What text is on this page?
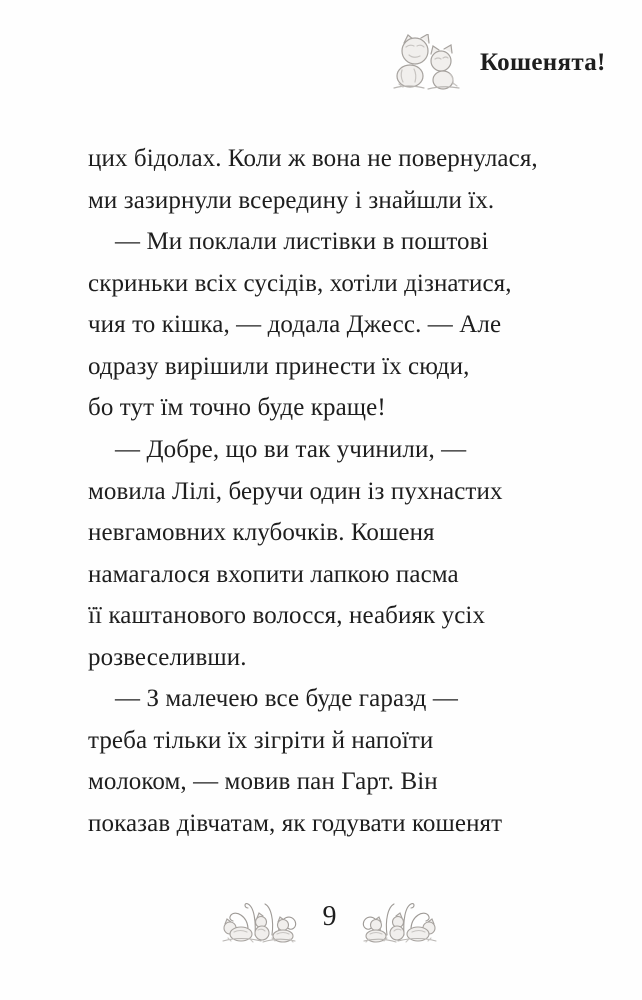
Кошенята!
цих бідолах. Коли ж вона не повернулася,
ми зазирнули всередину і знайшли їх.
— Ми поклали листівки в поштові
скриньки всіх сусідів, хотіли дізнатися,
чия то кішка, — додала Джесс. — Але
одразу вирішили принести їх сюди,
бо тут їм точно буде краще!
— Добре, що ви так учинили, —
мовила Лілі, беручи один із пухнастих
невгамовних клубочків. Кошеня
намагалося вхопити лапкою пасма
її каштанового волосся, неабияк усіх
розвеселивши.
— З малечею все буде гаразд —
треба тільки їх зігріти й напоїти
молоком, — мовив пан Гарт. Він
показав дівчатам, як годувати кошенят
9
